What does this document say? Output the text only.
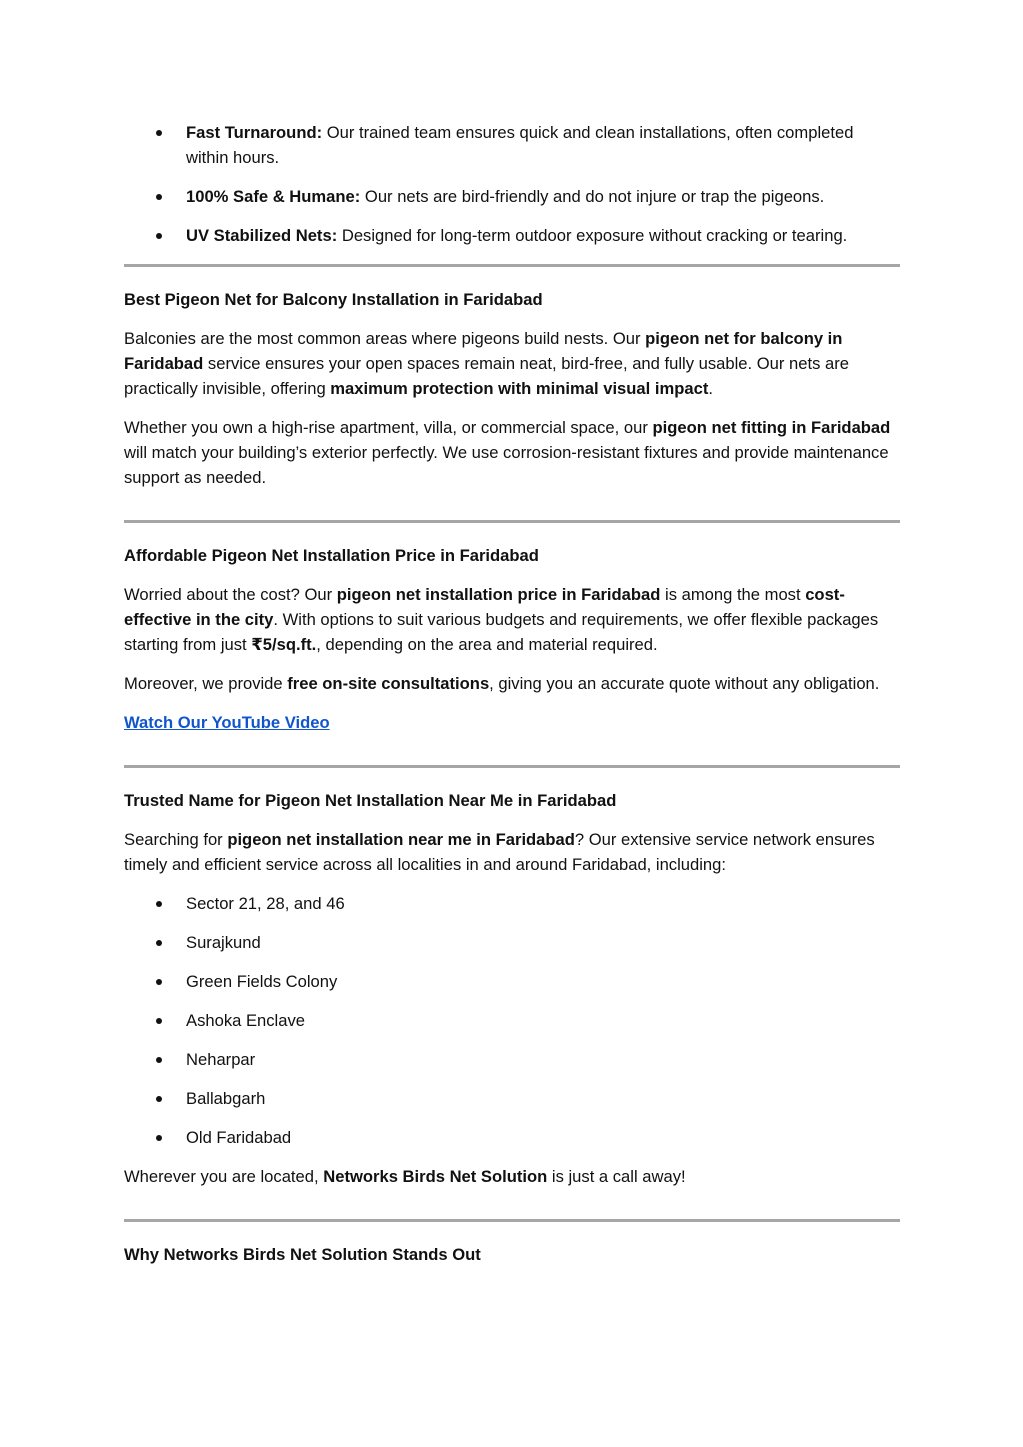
Fast Turnaround: Our trained team ensures quick and clean installations, often completed within hours.
100% Safe & Humane: Our nets are bird-friendly and do not injure or trap the pigeons.
UV Stabilized Nets: Designed for long-term outdoor exposure without cracking or tearing.

Best Pigeon Net for Balcony Installation in Faridabad

Balconies are the most common areas where pigeons build nests. Our pigeon net for balcony in Faridabad service ensures your open spaces remain neat, bird-free, and fully usable. Our nets are practically invisible, offering maximum protection with minimal visual impact.

Whether you own a high-rise apartment, villa, or commercial space, our pigeon net fitting in Faridabad will match your building’s exterior perfectly. We use corrosion-resistant fixtures and provide maintenance support as needed.

Affordable Pigeon Net Installation Price in Faridabad

Worried about the cost? Our pigeon net installation price in Faridabad is among the most cost-effective in the city. With options to suit various budgets and requirements, we offer flexible packages starting from just ₹5/sq.ft., depending on the area and material required.

Moreover, we provide free on-site consultations, giving you an accurate quote without any obligation.

Watch Our YouTube Video

Trusted Name for Pigeon Net Installation Near Me in Faridabad

Searching for pigeon net installation near me in Faridabad? Our extensive service network ensures timely and efficient service across all localities in and around Faridabad, including:

Sector 21, 28, and 46
Surajkund
Green Fields Colony
Ashoka Enclave
Neharpar
Ballabgarh
Old Faridabad

Wherever you are located, Networks Birds Net Solution is just a call away!

Why Networks Birds Net Solution Stands Out
